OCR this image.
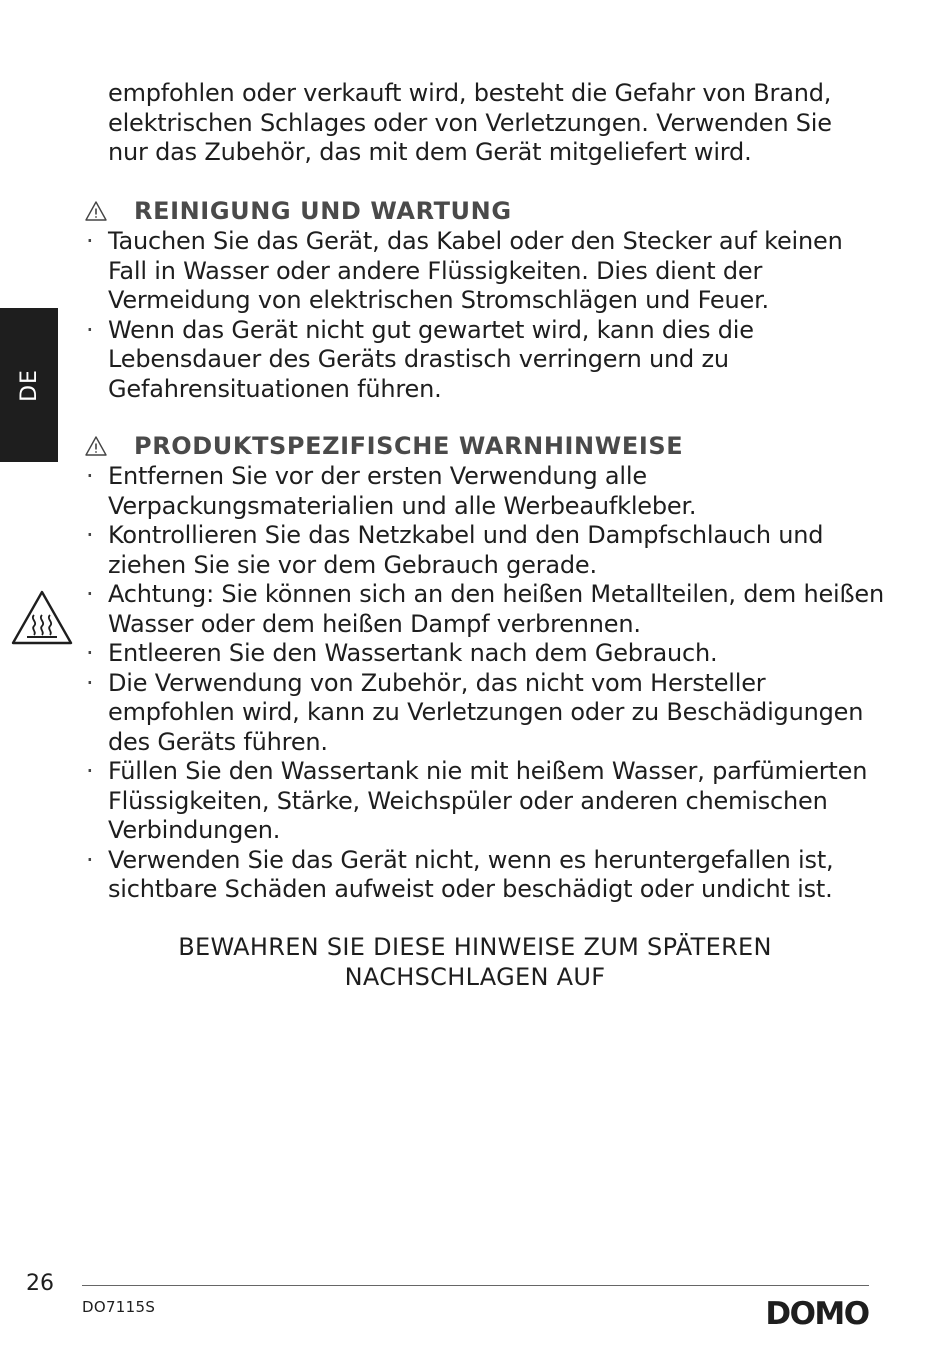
empfohlen oder verkauft wird, besteht die Gefahr von Brand,
elektrischen Schlages oder von Verletzungen. Verwenden Sie
nur das Zubehör, das mit dem Gerät mitgeliefert wird.
REINIGUNG UND WARTUNG
· Tauchen Sie das Gerät, das Kabel oder den Stecker auf keinen Fall in Wasser oder andere Flüssigkeiten. Dies dient der Vermeidung von elektrischen Stromschlägen und Feuer.
· Wenn das Gerät nicht gut gewartet wird, kann dies die Lebensdauer des Geräts drastisch verringern und zu Gefahrensituationen führen.
PRODUKTSPEZIFISCHE WARNHINWEISE
· Entfernen Sie vor der ersten Verwendung alle Verpackungsmaterialien und alle Werbeaufkleber.
· Kontrollieren Sie das Netzkabel und den Dampfschlauch und ziehen Sie sie vor dem Gebrauch gerade.
· Achtung: Sie können sich an den heißen Metallteilen, dem heißen Wasser oder dem heißen Dampf verbrennen.
· Entleeren Sie den Wassertank nach dem Gebrauch.
· Die Verwendung von Zubehör, das nicht vom Hersteller empfohlen wird, kann zu Verletzungen oder zu Beschädigungen des Geräts führen.
· Füllen Sie den Wassertank nie mit heißem Wasser, parfümierten Flüssigkeiten, Stärke, Weichspüler oder anderen chemischen Verbindungen.
· Verwenden Sie das Gerät nicht, wenn es heruntergefallen ist, sichtbare Schäden aufweist oder beschädigt oder undicht ist.
BEWAHREN SIE DIESE HINWEISE ZUM SPÄTEREN
NACHSCHLAGEN AUF
DE
26
DO7115S	DOMO
